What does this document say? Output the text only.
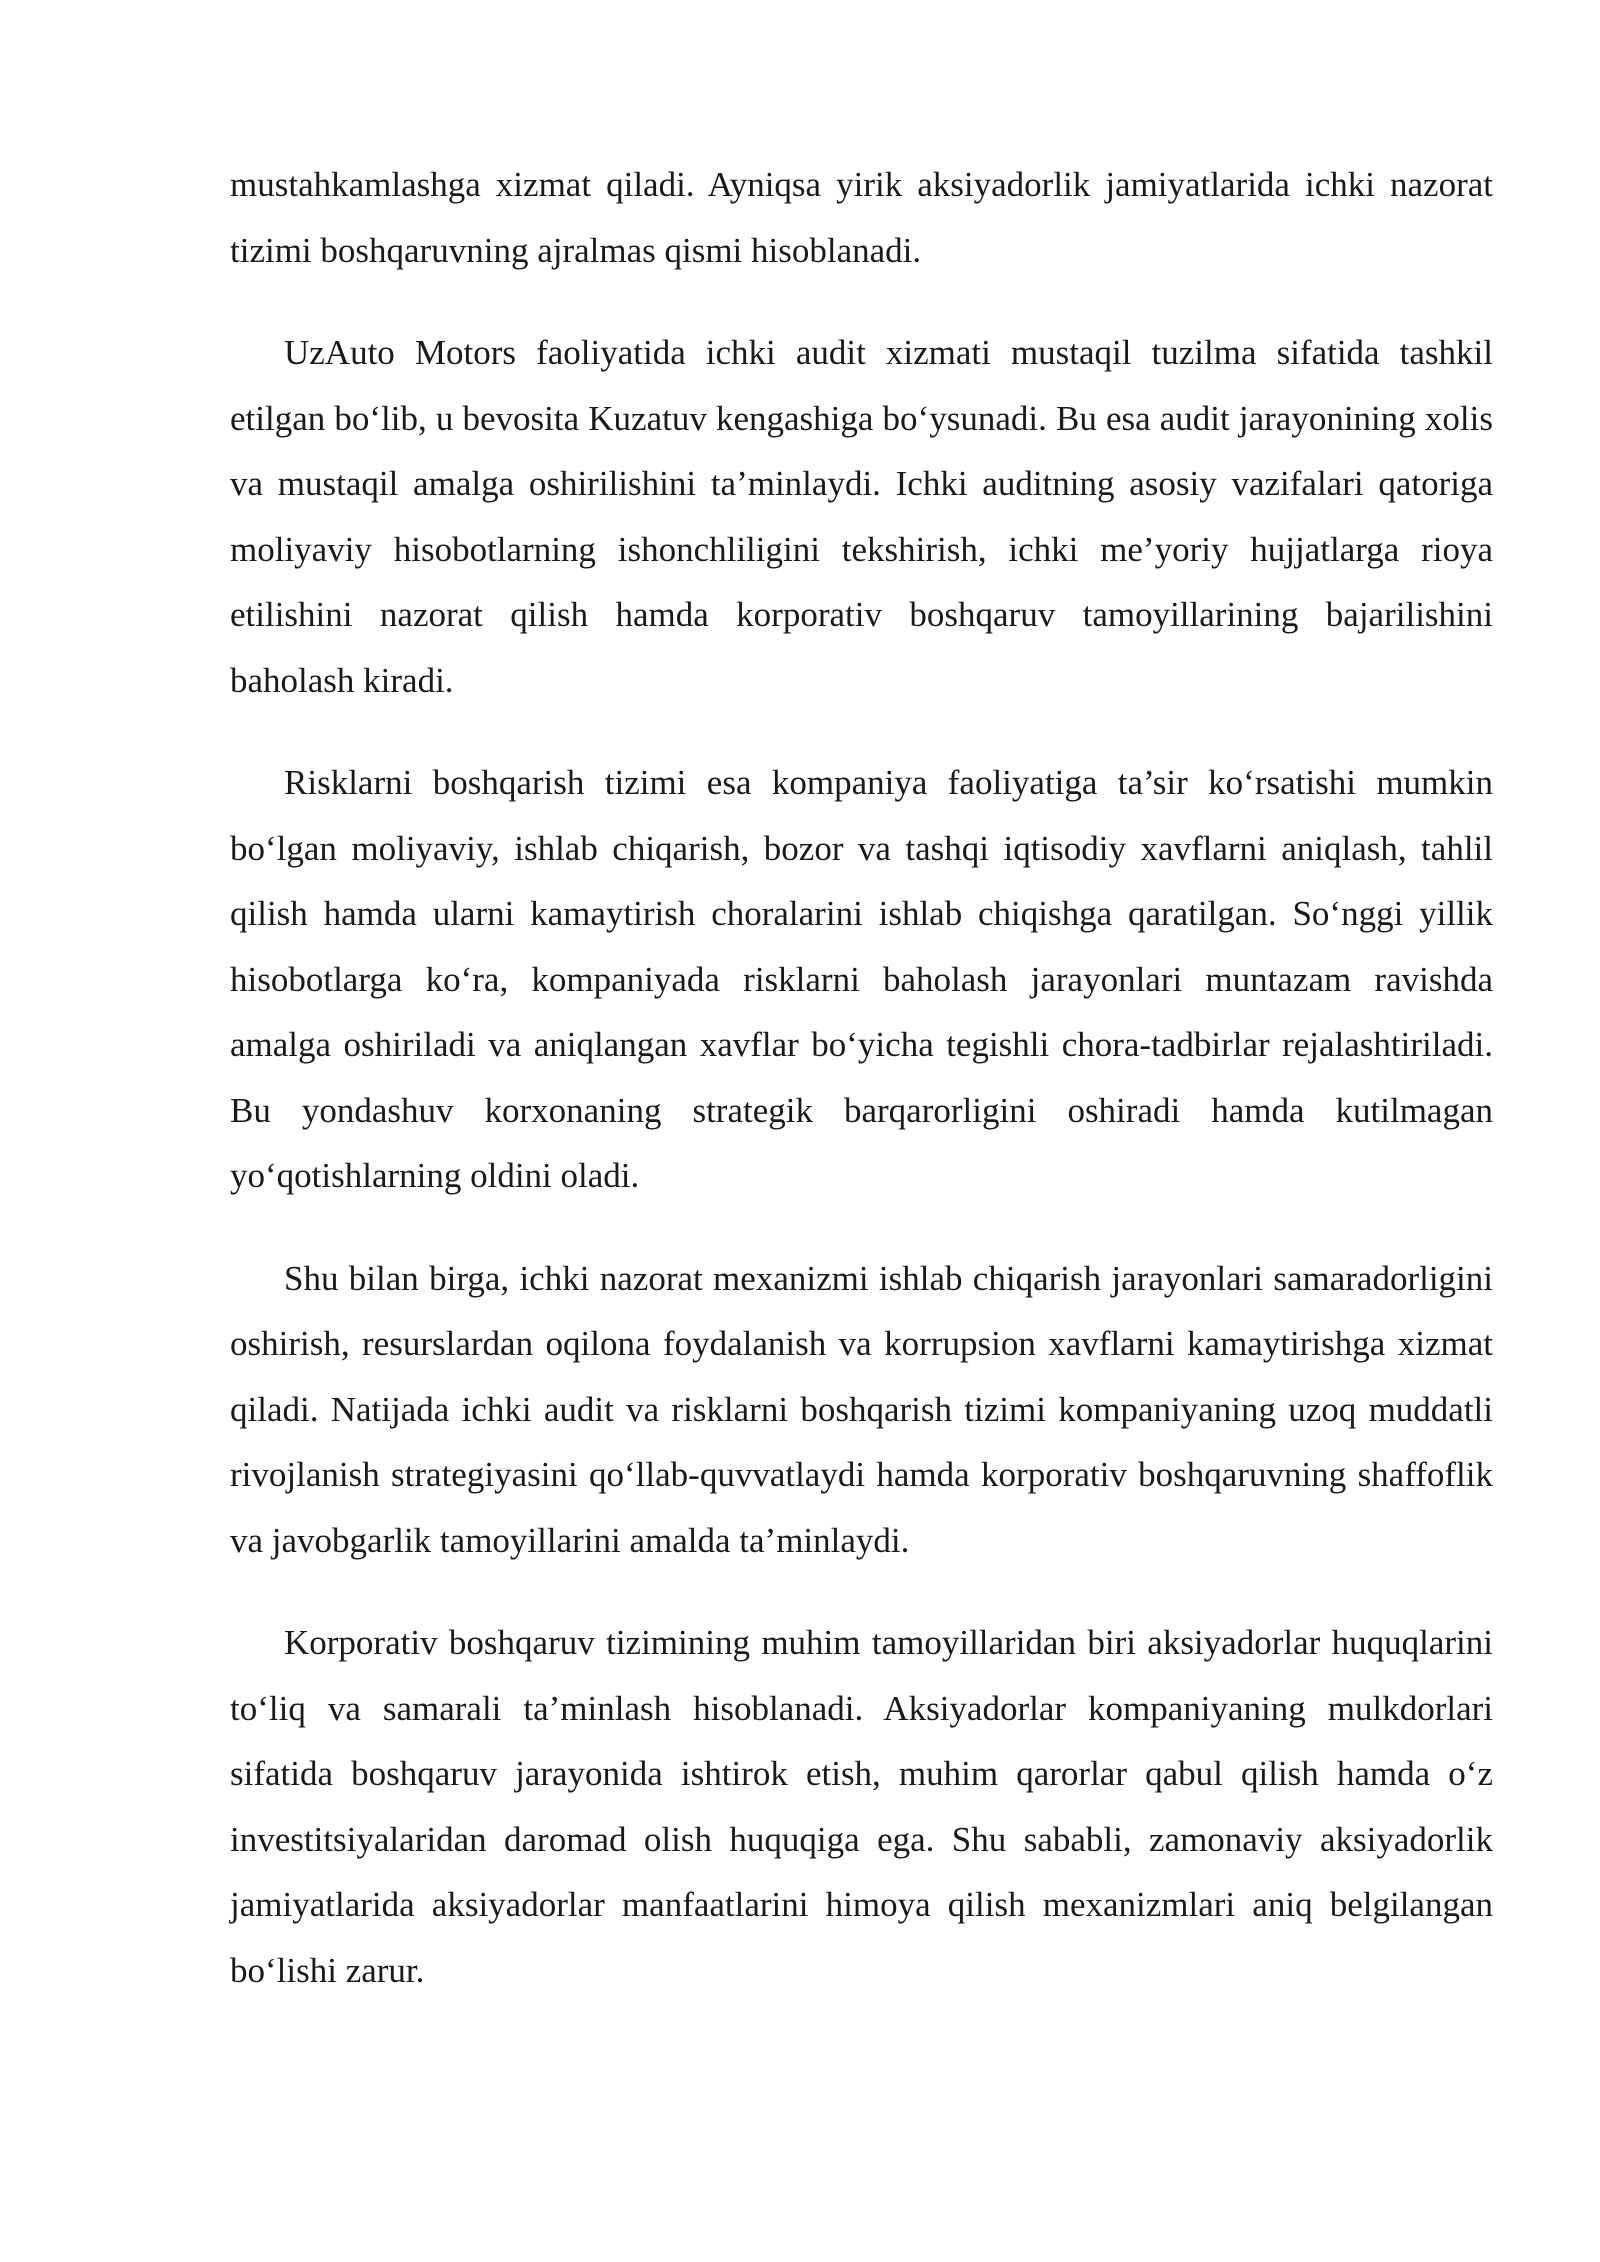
mustahkamlashga xizmat qiladi. Ayniqsa yirik aksiyadorlik jamiyatlarida ichki nazorat tizimi boshqaruvning ajralmas qismi hisoblanadi.

UzAuto Motors faoliyatida ichki audit xizmati mustaqil tuzilma sifatida tashkil etilgan bo‘lib, u bevosita Kuzatuv kengashiga bo‘ysunadi. Bu esa audit jarayonining xolis va mustaqil amalga oshirilishini ta’minlaydi. Ichki auditning asosiy vazifalari qatoriga moliyaviy hisobotlarning ishonchliligini tekshirish, ichki me’yoriy hujjatlarga rioya etilishini nazorat qilish hamda korporativ boshqaruv tamoyillarining bajarilishini baholash kiradi.

Risklarni boshqarish tizimi esa kompaniya faoliyatiga ta’sir ko‘rsatishi mumkin bo‘lgan moliyaviy, ishlab chiqarish, bozor va tashqi iqtisodiy xavflarni aniqlash, tahlil qilish hamda ularni kamaytirish choralarini ishlab chiqishga qaratilgan. So‘nggi yillik hisobotlarga ko‘ra, kompaniyada risklarni baholash jarayonlari muntazam ravishda amalga oshiriladi va aniqlangan xavflar bo‘yicha tegishli chora-tadbirlar rejalashtiriladi. Bu yondashuv korxonaning strategik barqarorligini oshiradi hamda kutilmagan yo‘qotishlarning oldini oladi.

Shu bilan birga, ichki nazorat mexanizmi ishlab chiqarish jarayonlari samaradorligini oshirish, resurslardan oqilona foydalanish va korrupsion xavflarni kamaytirishga xizmat qiladi. Natijada ichki audit va risklarni boshqarish tizimi kompaniyaning uzoq muddatli rivojlanish strategiyasini qo‘llab-quvvatlaydi hamda korporativ boshqaruvning shaffoflik va javobgarlik tamoyillarini amalda ta’minlaydi.

Korporativ boshqaruv tizimining muhim tamoyillaridan biri aksiyadorlar huquqlarini to‘liq va samarali ta’minlash hisoblanadi. Aksiyadorlar kompaniyaning mulkdorlari sifatida boshqaruv jarayonida ishtirok etish, muhim qarorlar qabul qilish hamda o‘z investitsiyalaridan daromad olish huquqiga ega. Shu sababli, zamonaviy aksiyadorlik jamiyatlarida aksiyadorlar manfaatlarini himoya qilish mexanizmlari aniq belgilangan bo‘lishi zarur.
